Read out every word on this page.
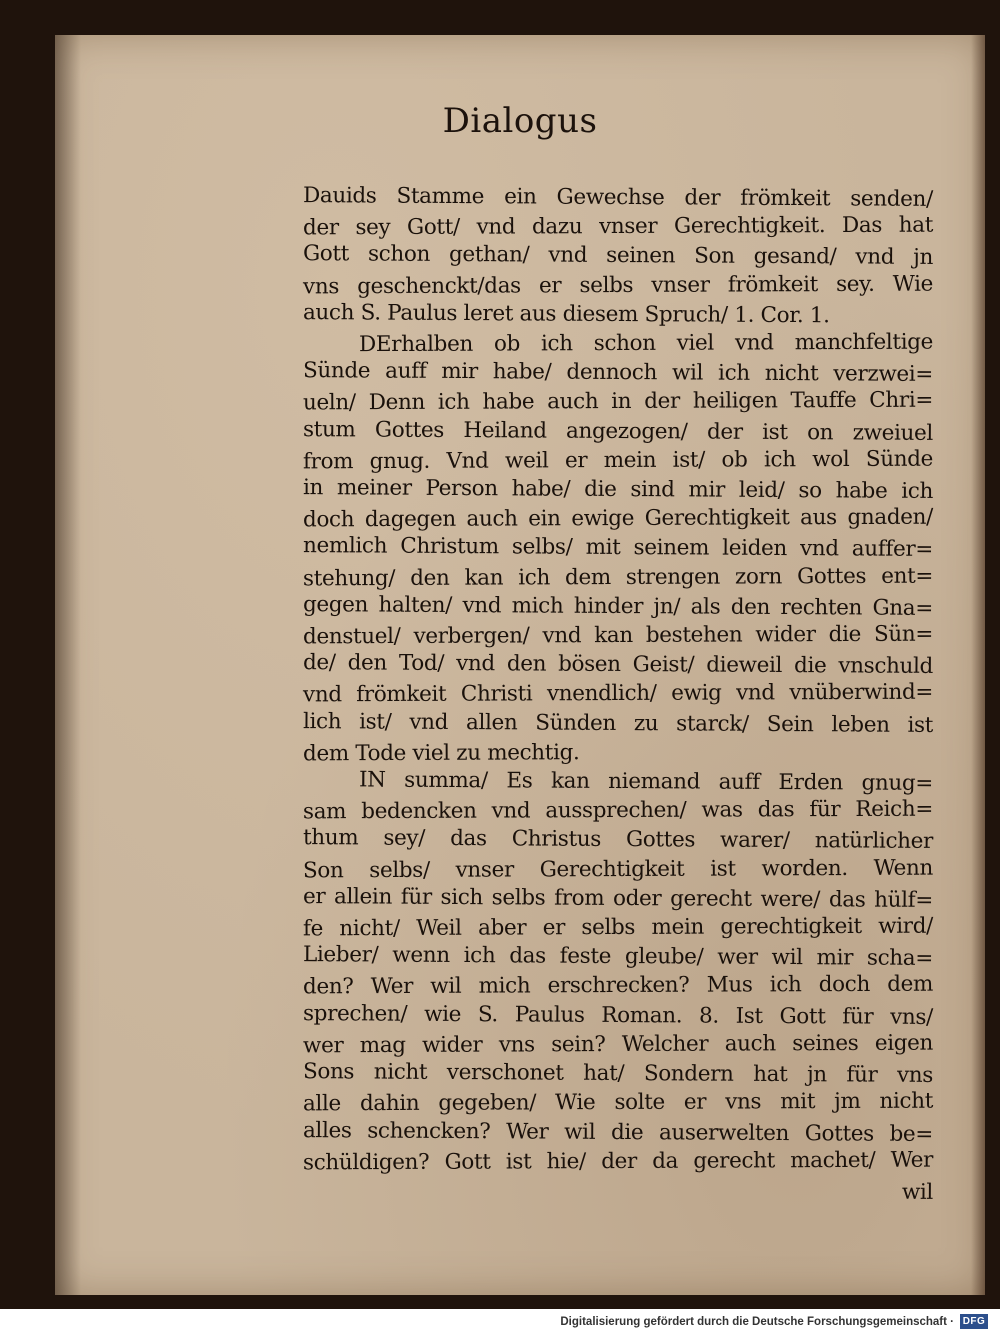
Dialogus
Dauids Stamme ein Gewechse der frömkeit senden/
der sey Gott/ vnd dazu vnser Gerechtigkeit. Das hat
Gott schon gethan/ vnd seinen Son gesand/ vnd jn
vns geschenckt/das er selbs vnser frömkeit sey. Wie
auch S. Paulus leret aus diesem Spruch/ 1. Cor. 1.
DErhalben ob ich schon viel vnd manchfeltige
Sünde auff mir habe/ dennoch wil ich nicht verzwei=
ueln/ Denn ich habe auch in der heiligen Tauffe Chri=
stum Gottes Heiland angezogen/ der ist on zweiuel
from gnug. Vnd weil er mein ist/ ob ich wol Sünde
in meiner Person habe/ die sind mir leid/ so habe ich
doch dagegen auch ein ewige Gerechtigkeit aus gnaden/
nemlich Christum selbs/ mit seinem leiden vnd auffer=
stehung/ den kan ich dem strengen zorn Gottes ent=
gegen halten/ vnd mich hinder jn/ als den rechten Gna=
denstuel/ verbergen/ vnd kan bestehen wider die Sün=
de/ den Tod/ vnd den bösen Geist/ dieweil die vnschuld
vnd frömkeit Christi vnendlich/ ewig vnd vnüberwind=
lich ist/ vnd allen Sünden zu starck/ Sein leben ist
dem Tode viel zu mechtig.
IN summa/ Es kan niemand auff Erden gnug=
sam bedencken vnd aussprechen/ was das für Reich=
thum sey/ das Christus Gottes warer/ natürlicher
Son selbs/ vnser Gerechtigkeit ist worden. Wenn
er allein für sich selbs from oder gerecht were/ das hülf=
fe nicht/ Weil aber er selbs mein gerechtigkeit wird/
Lieber/ wenn ich das feste gleube/ wer wil mir scha=
den? Wer wil mich erschrecken? Mus ich doch dem
sprechen/ wie S. Paulus Roman. 8. Ist Gott für vns/
wer mag wider vns sein? Welcher auch seines eigen
Sons nicht verschonet hat/ Sondern hat jn für vns
alle dahin gegeben/ Wie solte er vns mit jm nicht
alles schencken? Wer wil die auserwelten Gottes be=
schüldigen? Gott ist hie/ der da gerecht machet/ Wer
wil
Digitalisierung gefördert durch die Deutsche Forschungsgemeinschaft · DFG
